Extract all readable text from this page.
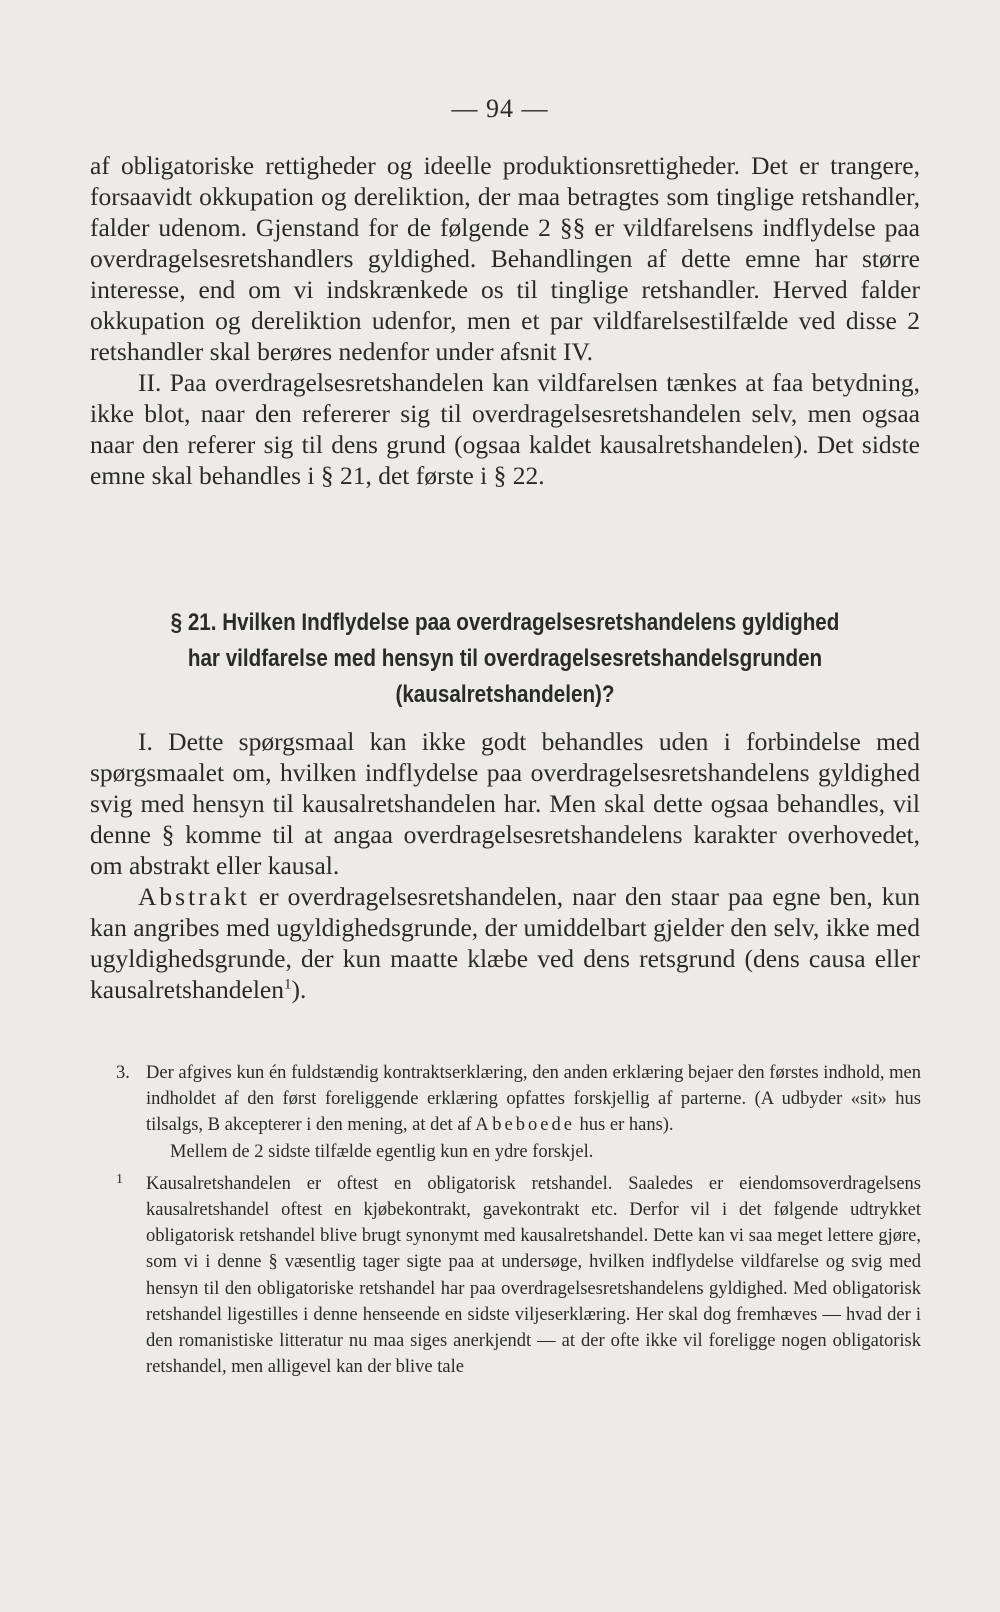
— 94 —

af obligatoriske rettigheder og ideelle produktionsrettigheder. Det er trangere, forsaavidt okkupation og dereliktion, der maa betragtes som tinglige retshandler, falder udenom. Gjenstand for de følgende 2 §§ er vildfarelsens indflydelse paa overdragelsesretshandlers gyldighed. Behandlingen af dette emne har større interesse, end om vi indskrænkede os til tinglige retshandler. Herved falder okkupation og dereliktion udenfor, men et par vildfarelsestilfælde ved disse 2 retshandler skal berøres nedenfor under afsnit IV.

II. Paa overdragelsesretshandelen kan vildfarelsen tænkes at faa betydning, ikke blot, naar den refererer sig til overdragelsesretshandelen selv, men ogsaa naar den referer sig til dens grund (ogsaa kaldet kausalretshandelen). Det sidste emne skal behandles i § 21, det første i § 22.

§ 21. Hvilken Indflydelse paa overdragelsesretshandelens gyldighed
har vildfarelse med hensyn til overdragelsesretshandelsgrunden
(kausalretshandelen)?

I. Dette spørgsmaal kan ikke godt behandles uden i forbindelse med spørgsmaalet om, hvilken indflydelse paa overdragelsesretshandelens gyldighed svig med hensyn til kausalretshandelen har. Men skal dette ogsaa behandles, vil denne § komme til at angaa overdragelsesretshandelens karakter overhovedet, om abstrakt eller kausal.

Abstrakt er overdragelsesretshandelen, naar den staar paa egne ben, kun kan angribes med ugyldighedsgrunde, der umiddelbart gjelder den selv, ikke med ugyldighedsgrunde, der kun maatte klæbe ved dens retsgrund (dens causa eller kausalretshandelen$^1$).

3. Der afgives kun én fuldstændig kontraktserklæring, den anden erklæring bejaer den førstes indhold, men indholdet af den først foreliggende erklæring opfattes forskjellig af parterne. (A udbyder «sit» hus tilsalgs, B akcepterer i den mening, at det af A beboede hus er hans).

Mellem de 2 sidste tilfælde egentlig kun en ydre forskjel.

1 Kausalretshandelen er oftest en obligatorisk retshandel. Saaledes er eiendomsoverdragelsens kausalretshandel oftest en kjøbekontrakt, gavekontrakt etc. Derfor vil i det følgende udtrykket obligatorisk retshandel blive brugt synonymt med kausalretshandel. Dette kan vi saa meget lettere gjøre, som vi i denne § væsentlig tager sigte paa at undersøge, hvilken indflydelse vildfarelse og svig med hensyn til den obligatoriske retshandel har paa overdragelsesretshandelens gyldighed. Med obligatorisk retshandel ligestilles i denne henseende en sidste viljeserklæring. Her skal dog fremhæves — hvad der i den romanistiske litteratur nu maa siges anerkjendt — at der ofte ikke vil foreligge nogen obligatorisk retshandel, men alligevel kan der blive tale
